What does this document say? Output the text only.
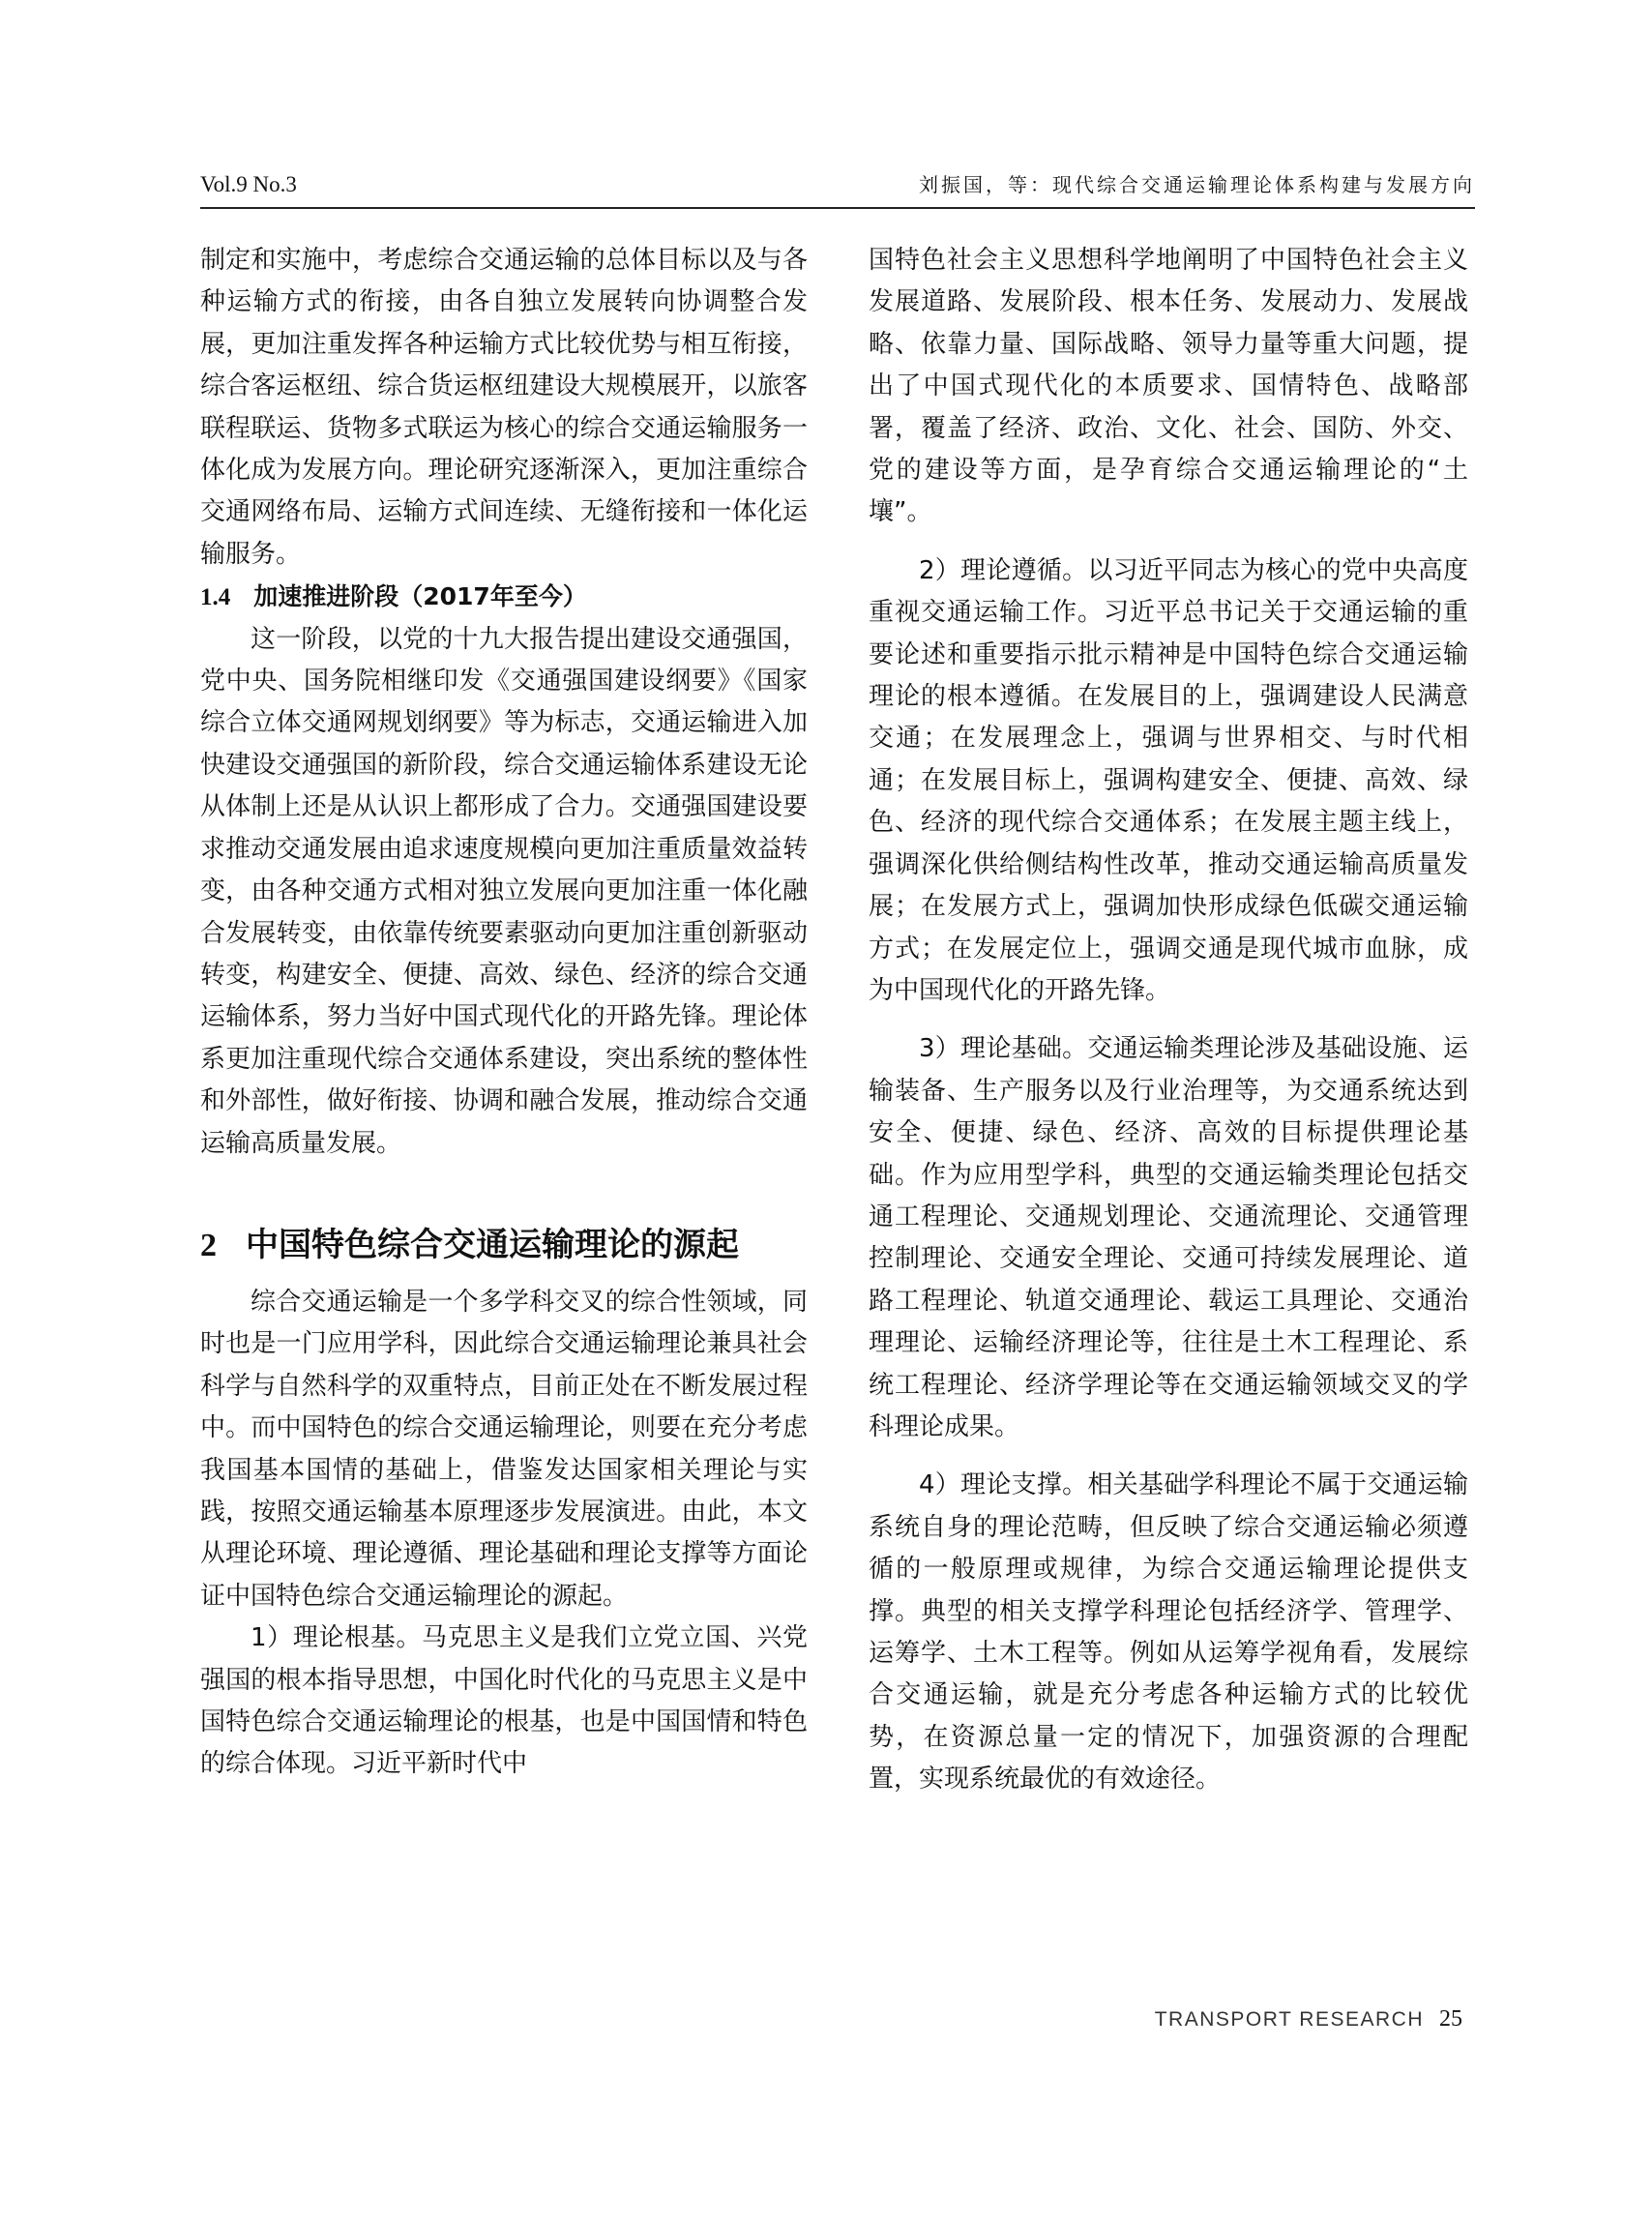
Vol.9 No.3	刘振国，等：现代综合交通运输理论体系构建与发展方向

制定和实施中，考虑综合交通运输的总体目标以及与各种运输方式的衔接，由各自独立发展转向协调整合发展，更加注重发挥各种运输方式比较优势与相互衔接，综合客运枢纽、综合货运枢纽建设大规模展开，以旅客联程联运、货物多式联运为核心的综合交通运输服务一体化成为发展方向。理论研究逐渐深入，更加注重综合交通网络布局、运输方式间连续、无缝衔接和一体化运输服务。

1.4 加速推进阶段（2017年至今）

这一阶段，以党的十九大报告提出建设交通强国，党中央、国务院相继印发《交通强国建设纲要》《国家综合立体交通网规划纲要》等为标志，交通运输进入加快建设交通强国的新阶段，综合交通运输体系建设无论从体制上还是从认识上都形成了合力。交通强国建设要求推动交通发展由追求速度规模向更加注重质量效益转变，由各种交通方式相对独立发展向更加注重一体化融合发展转变，由依靠传统要素驱动向更加注重创新驱动转变，构建安全、便捷、高效、绿色、经济的综合交通运输体系，努力当好中国式现代化的开路先锋。理论体系更加注重现代综合交通体系建设，突出系统的整体性和外部性，做好衔接、协调和融合发展，推动综合交通运输高质量发展。

2 中国特色综合交通运输理论的源起

综合交通运输是一个多学科交叉的综合性领域，同时也是一门应用学科，因此综合交通运输理论兼具社会科学与自然科学的双重特点，目前正处在不断发展过程中。而中国特色的综合交通运输理论，则要在充分考虑我国基本国情的基础上，借鉴发达国家相关理论与实践，按照交通运输基本原理逐步发展演进。由此，本文从理论环境、理论遵循、理论基础和理论支撑等方面论证中国特色综合交通运输理论的源起。

1）理论根基。马克思主义是我们立党立国、兴党强国的根本指导思想，中国化时代化的马克思主义是中国特色综合交通运输理论的根基，也是中国国情和特色的综合体现。习近平新时代中

国特色社会主义思想科学地阐明了中国特色社会主义发展道路、发展阶段、根本任务、发展动力、发展战略、依靠力量、国际战略、领导力量等重大问题，提出了中国式现代化的本质要求、国情特色、战略部署，覆盖了经济、政治、文化、社会、国防、外交、党的建设等方面，是孕育综合交通运输理论的“土壤”。

2）理论遵循。以习近平同志为核心的党中央高度重视交通运输工作。习近平总书记关于交通运输的重要论述和重要指示批示精神是中国特色综合交通运输理论的根本遵循。在发展目的上，强调建设人民满意交通；在发展理念上，强调与世界相交、与时代相通；在发展目标上，强调构建安全、便捷、高效、绿色、经济的现代综合交通体系；在发展主题主线上，强调深化供给侧结构性改革，推动交通运输高质量发展；在发展方式上，强调加快形成绿色低碳交通运输方式；在发展定位上，强调交通是现代城市血脉，成为中国现代化的开路先锋。

3）理论基础。交通运输类理论涉及基础设施、运输装备、生产服务以及行业治理等，为交通系统达到安全、便捷、绿色、经济、高效的目标提供理论基础。作为应用型学科，典型的交通运输类理论包括交通工程理论、交通规划理论、交通流理论、交通管理控制理论、交通安全理论、交通可持续发展理论、道路工程理论、轨道交通理论、载运工具理论、交通治理理论、运输经济理论等，往往是土木工程理论、系统工程理论、经济学理论等在交通运输领域交叉的学科理论成果。

4）理论支撑。相关基础学科理论不属于交通运输系统自身的理论范畴，但反映了综合交通运输必须遵循的一般原理或规律，为综合交通运输理论提供支撑。典型的相关支撑学科理论包括经济学、管理学、运筹学、土木工程等。例如从运筹学视角看，发展综合交通运输，就是充分考虑各种运输方式的比较优势，在资源总量一定的情况下，加强资源的合理配置，实现系统最优的有效途径。

TRANSPORT RESEARCH 25
